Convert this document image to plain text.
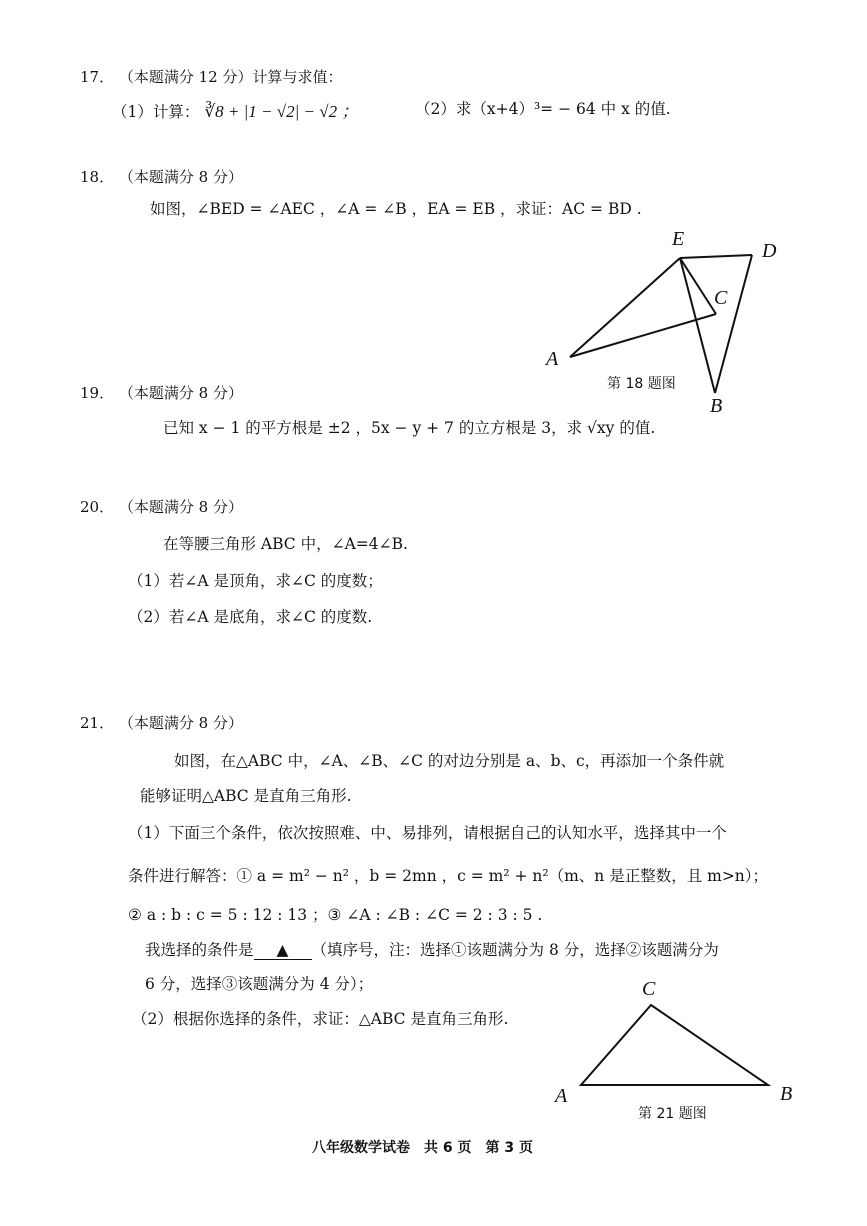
17． （本题满分 12 分）计算与求值：
（1）计算： ∛8 + |1 − √2| − √2 ；	（2）求（x+4）³= − 64 中 x 的值.
18． （本题满分 8 分）
如图，∠BED = ∠AEC ，∠A = ∠B ，EA = EB ，求证：AC = BD .
E
D
C
A
B
第 18 题图
19． （本题满分 8 分）
已知 x − 1 的平方根是 ±2 ，5x − y + 7 的立方根是 3，求 √xy 的值.
20． （本题满分 8 分）
在等腰三角形 ABC 中，∠A=4∠B.
（1）若∠A 是顶角，求∠C 的度数；
（2）若∠A 是底角，求∠C 的度数.
21． （本题满分 8 分）
如图，在△ABC 中，∠A、∠B、∠C 的对边分别是 a、b、c，再添加一个条件就
能够证明△ABC 是直角三角形.
（1）下面三个条件，依次按照难、中、易排列，请根据自己的认知水平，选择其中一个
条件进行解答：① a = m² − n² ，b = 2mn ，c = m² + n²（m、n 是正整数，且 m>n）；
② a : b : c = 5 : 12 : 13 ；③ ∠A : ∠B : ∠C = 2 : 3 : 5 .
我选择的条件是 ▲ （填序号，注：选择①该题满分为 8 分，选择②该题满分为
6 分，选择③该题满分为 4 分）；
（2）根据你选择的条件，求证：△ABC 是直角三角形.
C
A	B
第 21 题图
八年级数学试卷　共 6 页　第 3 页
